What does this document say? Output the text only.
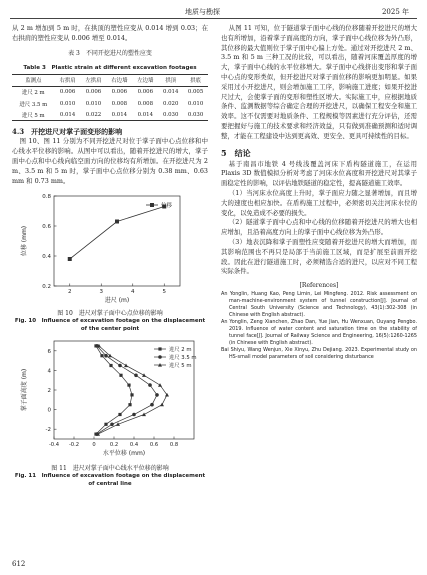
地质与勘探	2025 年

从 2 m 增加到 5 m 时，在拱顶的塑性应变从 0.014 增到 0.03；在右拱肩的塑性应变从 0.006 增至 0.014。

表 3　不同开挖进尺的塑性应变
Table 3　Plastic strain at different excavation footages
监测点	右拱肩	左拱肩	右边墙	左边墙	拱顶	拱底
进尺 2 m	0.006	0.006	0.006	0.006	0.014	0.005
进尺 3.5 m	0.010	0.010	0.008	0.008	0.020	0.010
进尺 5 m	0.014	0.022	0.014	0.014	0.030	0.030
4.3　开挖进尺对掌子面变形的影响

图 10、图 11 分别为不同开挖进尺对位于掌子面中心点位移和中心线水平位移的影响。从图中可以看出，随着开挖进尺的增大，掌子面中心点和中心线向临空面方向的位移均有所增加。在开挖进尺为 2 m、3.5 m 和 5 m 时，掌子面中心点位移分别为 0.38 mm、0.63 mm 和 0.73 mm。

2	3	4	5
0.2
0.4
0.6
0.8
进尺 (m)
位移 (mm)
位移
图 10　进尺对掌子面中心点位移的影响
Fig. 10　Influence of excavation footage on the displacement of the center point
-0.4 -0.2	0	0.2 0.4 0.6 0.8
-2
0
2
4
6
水平位移 (mm)
掌子面高度 (m)
进尺 2 m
进尺 3.5 m
进尺 5 m
图 11　进尺对掌子面中心线水平位移的影响
Fig. 11　Influence of excavation footage on the displacement of central line

从图 11 可知，位于隧道掌子面中心线的位移随着开挖进尺的增大也有所增加，沿着掌子面高度的方向，掌子面中心线位移为外凸形，其位移的最大值则位于掌子面中心偏上方处。通过对开挖进尺 2 m、3.5 m 和 5 m 三种工况的比较，可以看出，随着河床覆盖厚度的增大，掌子面中心线的水平位移增大。掌子面中心线挤出变形和掌子面中心点的变形类似，但开挖进尺对掌子面位移的影响更加明显。如果采用过小开挖进尺，则会增加施工工序，影响施工进度；如果开挖进尺过大，会使掌子面的变形和塑性区增大。实际施工中，应根据地质条件、监测数据等综合确定合理的开挖进尺，以确保工程安全和施工效率。这不仅需要对地质条件、工程规模等因素进行充分评估，还需要把握好与施工的技术要求和经济效益，只有做到准确预测和适时调整，才能在工程建设中达到更高效、更安全、更具可持续性的目标。

5　结论

基于南昌市地铁 4 号线浅覆盖河床下盾构隧道施工，在运用 Plaxis 3D 数值模拟分析对考虑了河床水位高度和开挖进尺对其掌子面稳定性的影响，以评估地铁隧道的稳定性，提高隧道施工效率。

（1）当河床水位高度上升时，掌子面应力随之显著增加，而且增大的速度也相应加快。在盾构施工过程中，必须密切关注河床水位的变化，以免造成不必要的损失。

（2）隧道掌子面中心点和中心线的位移随着开挖进尺的增大也相应增加，且沿着高度方向上的掌子面中心线位移为外凸形。

（3）地表沉降和掌子面塑性应变随着开挖进尺的增大而增加，而其影响范围也不再只是局部于当前施工区域，而是扩展至前面开挖段。因此在进行隧道施工时，必须精选合适的进尺，以应对不同工程实际条件。

[References]

An Yonglin, Huang Kao, Peng Limin, Lei Mingfeng. 2012. Risk assessment on man-machine-environment system of tunnel construction[J]. Journal of Central South University (Science and Technology), 43(1):302-308 (in Chinese with English abstract).

An Yonglin, Zeng Xianchen, Zhao Dan, Yue Jian, Hu Wenxuan, Ouyang Pengbo. 2019. Influence of water content and saturation time on the stability of tunnel face[J]. Journal of Railway Science and Engineering, 16(5):1260-1265 (in Chinese with English abstract).

Bai Shiyu, Wang Wenjun, Xie Xinyu, Zhu Dejiang. 2023. Experimental study on HS-small model parameters of soil considering disturbance

612
